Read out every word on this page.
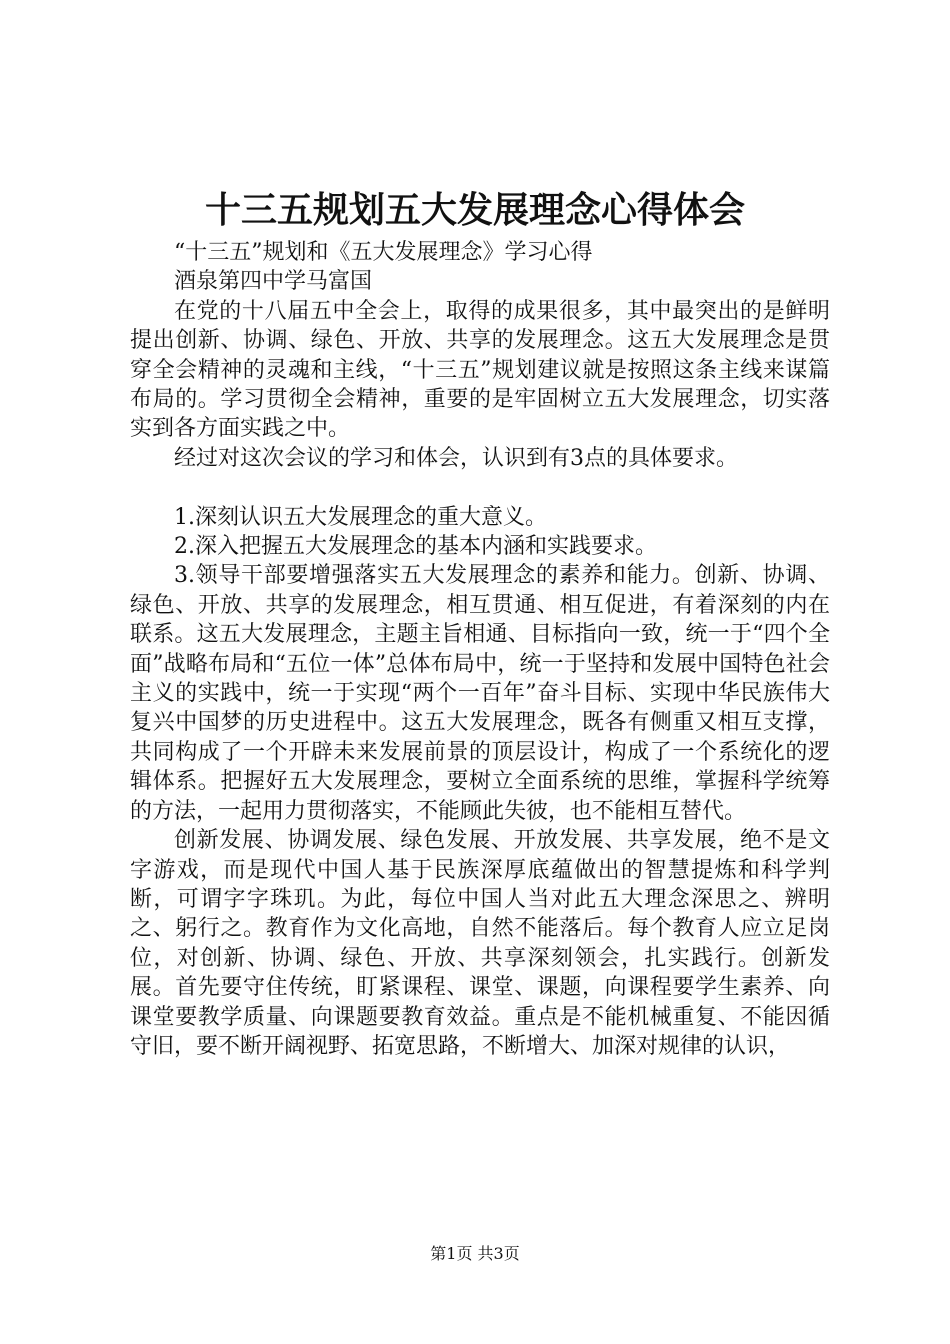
十三五规划五大发展理念心得体会

“十三五”规划和《五大发展理念》学习心得

酒泉第四中学马富国

在党的十八届五中全会上，取得的成果很多，其中最突出的是鲜明提出创新、协调、绿色、开放、共享的发展理念。这五大发展理念是贯穿全会精神的灵魂和主线，“十三五”规划建议就是按照这条主线来谋篇布局的。学习贯彻全会精神，重要的是牢固树立五大发展理念，切实落实到各方面实践之中。

经过对这次会议的学习和体会，认识到有3点的具体要求。

1.深刻认识五大发展理念的重大意义。

2.深入把握五大发展理念的基本内涵和实践要求。

3.领导干部要增强落实五大发展理念的素养和能力。创新、协调、绿色、开放、共享的发展理念，相互贯通、相互促进，有着深刻的内在联系。这五大发展理念，主题主旨相通、目标指向一致，统一于“四个全面”战略布局和“五位一体”总体布局中，统一于坚持和发展中国特色社会主义的实践中，统一于实现“两个一百年”奋斗目标、实现中华民族伟大复兴中国梦的历史进程中。这五大发展理念，既各有侧重又相互支撑，共同构成了一个开辟未来发展前景的顶层设计，构成了一个系统化的逻辑体系。把握好五大发展理念，要树立全面系统的思维，掌握科学统筹的方法，一起用力贯彻落实，不能顾此失彼，也不能相互替代。

创新发展、协调发展、绿色发展、开放发展、共享发展，绝不是文字游戏，而是现代中国人基于民族深厚底蕴做出的智慧提炼和科学判断，可谓字字珠玑。为此，每位中国人当对此五大理念深思之、辨明之、躬行之。教育作为文化高地，自然不能落后。每个教育人应立足岗位，对创新、协调、绿色、开放、共享深刻领会，扎实践行。创新发展。首先要守住传统，盯紧课程、课堂、课题，向课程要学生素养、向课堂要教学质量、向课题要教育效益。重点是不能机械重复、不能因循守旧，要不断开阔视野、拓宽思路，不断增大、加深对规律的认识，

第1页 共3页
